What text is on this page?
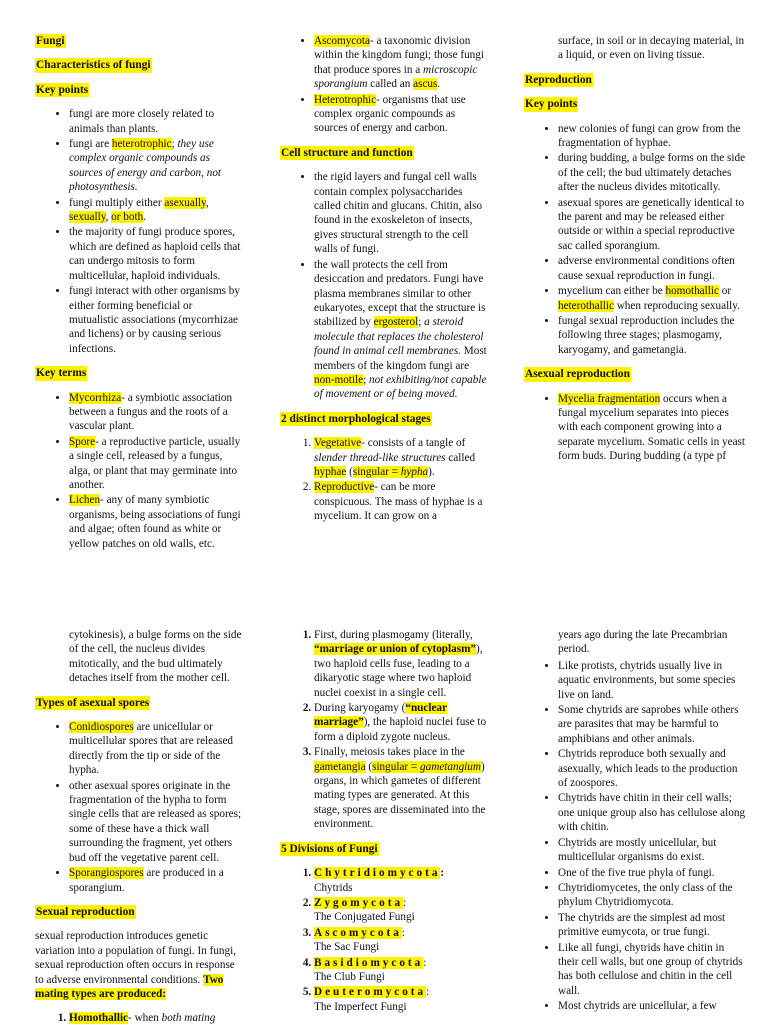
Fungi
Characteristics of fungi
Key points
• fungi are more closely related to animals than plants.
• fungi are heterotrophic; they use complex organic compounds as sources of energy and carbon, not photosynthesis.
• fungi multiply either asexually, sexually, or both.
• the majority of fungi produce spores, which are defined as haploid cells that can undergo mitosis to form multicellular, haploid individuals.
• fungi interact with other organisms by either forming beneficial or mutualistic associations (mycorrhizae and lichens) or by causing serious infections.
Key terms
• Mycorrhiza- a symbiotic association between a fungus and the roots of a vascular plant.
• Spore- a reproductive particle, usually a single cell, released by a fungus, alga, or plant that may germinate into another.
• Lichen- any of many symbiotic organisms, being associations of fungi and algae; often found as white or yellow patches on old walls, etc.
• Ascomycota- a taxonomic division within the kingdom fungi; those fungi that produce spores in a microscopic sporangium called an ascus.
• Heterotrophic- organisms that use complex organic compounds as sources of energy and carbon.
Cell structure and function
• the rigid layers and fungal cell walls contain complex polysaccharides called chitin and glucans. Chitin, also found in the exoskeleton of insects, gives structural strength to the cell walls of fungi.
• the wall protects the cell from desiccation and predators. Fungi have plasma membranes similar to other eukaryotes, except that the structure is stabilized by ergosterol; a steroid molecule that replaces the cholesterol found in animal cell membranes. Most members of the kingdom fungi are non-motile; not exhibiting/not capable of movement or of being moved.
2 distinct morphological stages
1. Vegetative- consists of a tangle of slender thread-like structures called hyphae (singular = hypha).
2. Reproductive- can be more conspicuous. The mass of hyphae is a mycelium. It can grow on a

surface, in soil or in decaying material, in a liquid, or even on living tissue.

Reproduction
Key points
• new colonies of fungi can grow from the fragmentation of hyphae.
• during budding, a bulge forms on the side of the cell; the bud ultimately detaches after the nucleus divides mitotically.
• asexual spores are genetically identical to the parent and may be released either outside or within a special reproductive sac called sporangium.
• adverse environmental conditions often cause sexual reproduction in fungi.
• mycelium can either be homothallic or heterothallic when reproducing sexually.
• fungal sexual reproduction includes the following three stages; plasmogamy, karyogamy, and gametangia.
Asexual reproduction
• Mycelia fragmentation occurs when a fungal mycelium separates into pieces with each component growing into a separate mycelium. Somatic cells in yeast form buds. During budding (a type pf

cytokinesis), a bulge forms on the side of the cell, the nucleus divides mitotically, and the bud ultimately detaches itself from the mother cell.

Types of asexual spores
• Conidiospores are unicellular or multicellular spores that are released directly from the tip or side of the hypha.
• other asexual spores originate in the fragmentation of the hypha to form single cells that are released as spores; some of these have a thick wall surrounding the fragment, yet others bud off the vegetative parent cell.
• Sporangiospores are produced in a sporangium.
Sexual reproduction

sexual reproduction introduces genetic variation into a population of fungi. In fungi, sexual reproduction often occurs in response to adverse environmental conditions. Two mating types are produced:

1. Homothallic- when both mating
1. First, during plasmogamy (literally, “marriage or union of cytoplasm”), two haploid cells fuse, leading to a dikaryotic stage where two haploid nuclei coexist in a single cell.
2. During karyogamy (“nuclear marriage”), the haploid nuclei fuse to form a diploid zygote nucleus.
3. Finally, meiosis takes place in the gametangia (singular = gametangium) organs, in which gametes of different mating types are generated. At this stage, spores are disseminated into the environment.
5 Divisions of Fungi
1. Chytridiomycota:
Chytrids
2. Zygomycota:
The Conjugated Fungi
3. Ascomycota:
The Sac Fungi
4. Basidiomycota:
The Club Fungi
5. Deuteromycota:
The Imperfect Fungi

years ago during the late Precambrian period.

• Like protists, chytrids usually live in aquatic environments, but some species live on land.
• Some chytrids are saprobes while others are parasites that may be harmful to amphibians and other animals.
• Chytrids reproduce both sexually and asexually, which leads to the production of zoospores.
• Chytrids have chitin in their cell walls; one unique group also has cellulose along with chitin.
• Chytrids are mostly unicellular, but multicellular organisms do exist.
• One of the five true phyla of fungi.
• Chytridiomycetes, the only class of the phylum Chytridiomycota.
• The chytrids are the simplest ad most primitive eumycota, or true fungi.
• Like all fungi, chytrids have chitin in their cell walls, but one group of chytrids has both cellulose and chitin in the cell wall.
• Most chytrids are unicellular, a few
